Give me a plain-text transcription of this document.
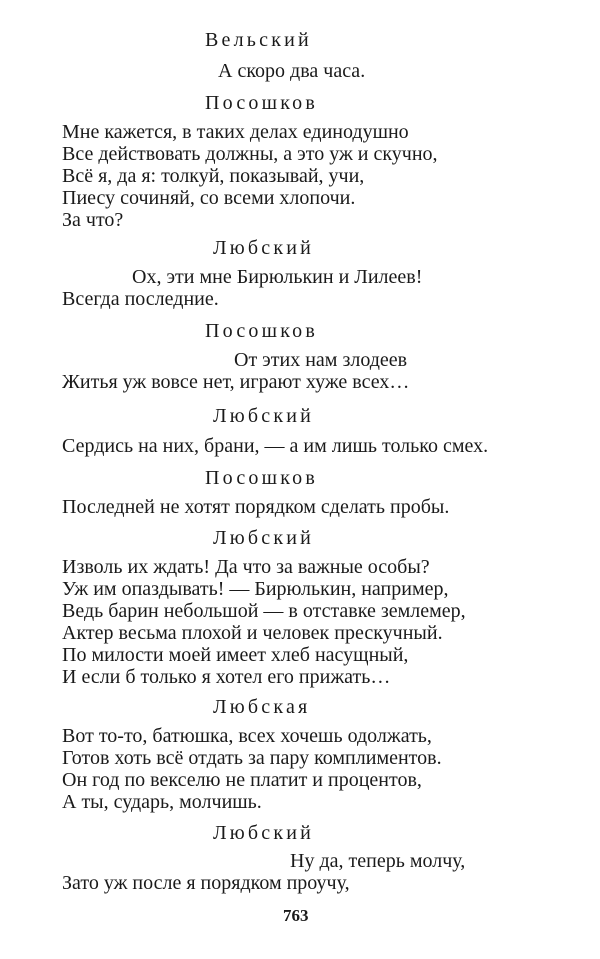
Вельский
А скоро два часа.
Посошков
Мне кажется, в таких делах единодушно
Все действовать должны, а это уж и скучно,
Всё я, да я: толкуй, показывай, учи,
Пиесу сочиняй, со всеми хлопочи.
За что?
Любский
Ох, эти мне Бирюлькин и Лилеев!
Всегда последние.
Посошков
От этих нам злодеев
Житья уж вовсе нет, играют хуже всех…
Любский
Сердись на них, брани, — а им лишь только смех.
Посошков
Последней не хотят порядком сделать пробы.
Любский
Изволь их ждать! Да что за важные особы?
Уж им опаздывать! — Бирюлькин, например,
Ведь барин небольшой — в отставке землемер,
Актер весьма плохой и человек прескучный.
По милости моей имеет хлеб насущный,
И если б только я хотел его прижать…
Любская
Вот то-то, батюшка, всех хочешь одолжать,
Готов хоть всё отдать за пару комплиментов.
Он год по векселю не платит и процентов,
А ты, сударь, молчишь.
Любский
Ну да, теперь молчу,
Зато уж после я порядком проучу,
763
